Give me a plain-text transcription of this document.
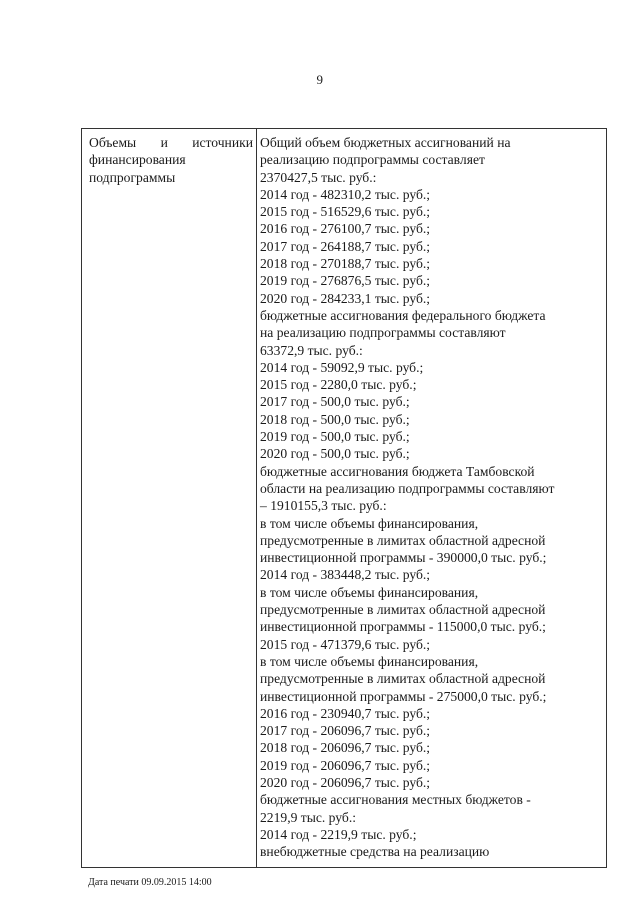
9
Объемы и источники
финансирования
подпрограммы
Общий объем бюджетных ассигнований на
реализацию подпрограммы составляет
2370427,5 тыс. руб.:
2014 год - 482310,2 тыс. руб.;
2015 год - 516529,6 тыс. руб.;
2016 год - 276100,7 тыс. руб.;
2017 год - 264188,7 тыс. руб.;
2018 год - 270188,7 тыс. руб.;
2019 год - 276876,5 тыс. руб.;
2020 год - 284233,1 тыс. руб.;
бюджетные ассигнования федерального бюджета
на реализацию подпрограммы составляют
63372,9 тыс. руб.:
2014 год - 59092,9 тыс. руб.;
2015 год - 2280,0 тыс. руб.;
2017 год - 500,0 тыс. руб.;
2018 год - 500,0 тыс. руб.;
2019 год - 500,0 тыс. руб.;
2020 год - 500,0 тыс. руб.;
бюджетные ассигнования бюджета Тамбовской
области на реализацию подпрограммы составляют
– 1910155,3 тыс. руб.:
в том числе объемы финансирования,
предусмотренные в лимитах областной адресной
инвестиционной программы - 390000,0 тыс. руб.;
2014 год - 383448,2 тыс. руб.;
в том числе объемы финансирования,
предусмотренные в лимитах областной адресной
инвестиционной программы - 115000,0 тыс. руб.;
2015 год - 471379,6 тыс. руб.;
в том числе объемы финансирования,
предусмотренные в лимитах областной адресной
инвестиционной программы - 275000,0 тыс. руб.;
2016 год - 230940,7 тыс. руб.;
2017 год - 206096,7 тыс. руб.;
2018 год - 206096,7 тыс. руб.;
2019 год - 206096,7 тыс. руб.;
2020 год - 206096,7 тыс. руб.;
бюджетные ассигнования местных бюджетов -
2219,9 тыс. руб.:
2014 год - 2219,9 тыс. руб.;
внебюджетные средства на реализацию
Дата печати 09.09.2015 14:00
